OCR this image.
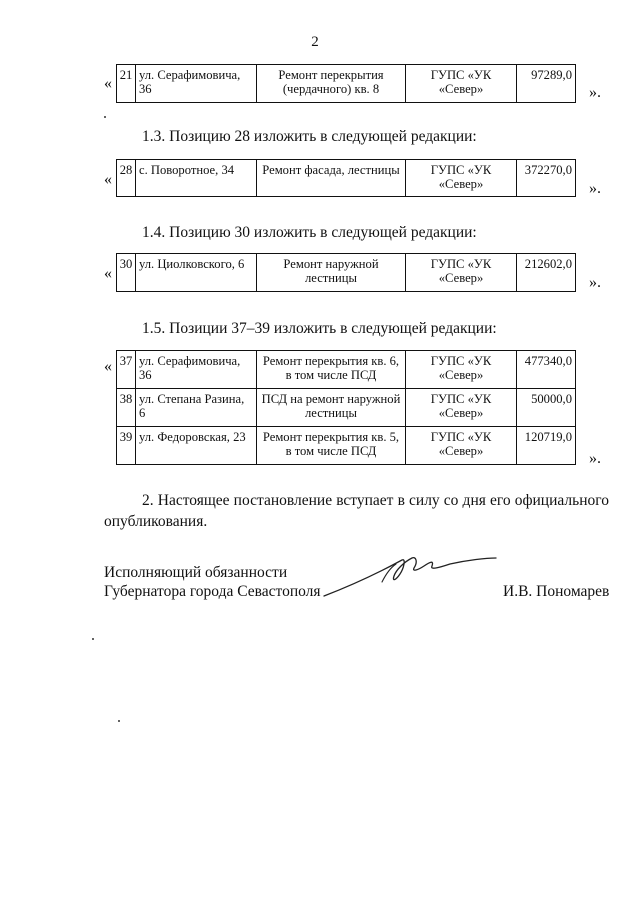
2
« 21	ул. Серафимовича, 36	Ремонт перекрытия (чердачного) кв. 8	ГУПС «УК «Север»	97289,0
».
1.3. Позицию 28 изложить в следующей редакции:
«
28	с. Поворотное, 34	Ремонт фасада, лестницы	ГУПС «УК «Север»	372270,0
».
1.4. Позицию 30 изложить в следующей редакции:
«
30	ул. Циолковского, 6	Ремонт наружной лестницы	ГУПС «УК «Север»	212602,0
».
1.5. Позиции 37–39 изложить в следующей редакции:
« 37	ул. Серафимовича, 36	Ремонт перекрытия кв. 6, в том числе ПСД	ГУПС «УК «Север»	477340,0
38	ул. Степана Разина, 6	ПСД на ремонт наружной лестницы	ГУПС «УК «Север»	50000,0
39	ул. Федоровская, 23	Ремонт перекрытия кв. 5, в том числе ПСД	ГУПС «УК «Север»	120719,0
».
2. Настоящее постановление вступает в силу со дня его официального опубликования.
Исполняющий обязанности
Губернатора города Севастополя	И.В. Пономарев
